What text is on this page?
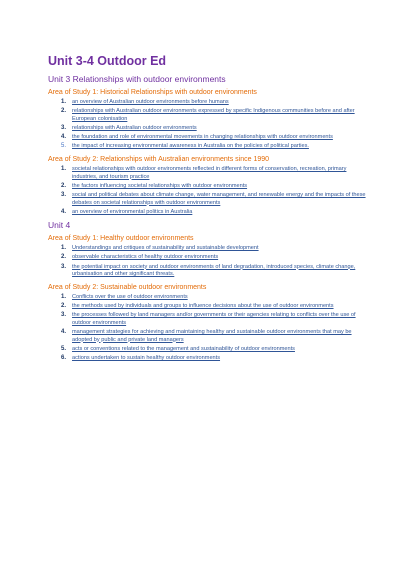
Unit 3-4 Outdoor Ed
Unit 3 Relationships with outdoor environments
Area of Study 1: Historical Relationships with outdoor environments
1.	an overview of Australian outdoor environments before humans
2.	relationships with Australian outdoor environments expressed by specific Indigenous communities before and after European colonisation
3.	relationships with Australian outdoor environments
4.	the foundation and role of environmental movements in changing relationships with outdoor environments
5.	the impact of increasing environmental awareness in Australia on the policies of political parties.
Area of Study 2: Relationships with Australian environments since 1990
1.	societal relationships with outdoor environments reflected in different forms of conservation, recreation, primary industries, and tourism practice
2.	the factors influencing societal relationships with outdoor environments
3.	social and political debates about climate change, water management, and renewable energy and the impacts of these debates on societal relationships with outdoor environments
4.	an overview of environmental politics in Australia
Unit 4
Area of Study 1: Healthy outdoor environments
1.	Understandings and critiques of sustainability and sustainable development
2.	observable characteristics of healthy outdoor environments
3.	the potential impact on society and outdoor environments of land degradation, introduced species, climate change, urbanisation and other significant threats.
Area of Study 2: Sustainable outdoor environments
1.	Conflicts over the use of outdoor environments
2.	the methods used by individuals and groups to influence decisions about the use of outdoor environments
3.	the processes followed by land managers and/or governments or their agencies relating to conflicts over the use of outdoor environments
4.	management strategies for achieving and maintaining healthy and sustainable outdoor environments that may be adopted by public and private land managers
5.	acts or conventions related to the management and sustainability of outdoor environments
6.	actions undertaken to sustain healthy outdoor environments
